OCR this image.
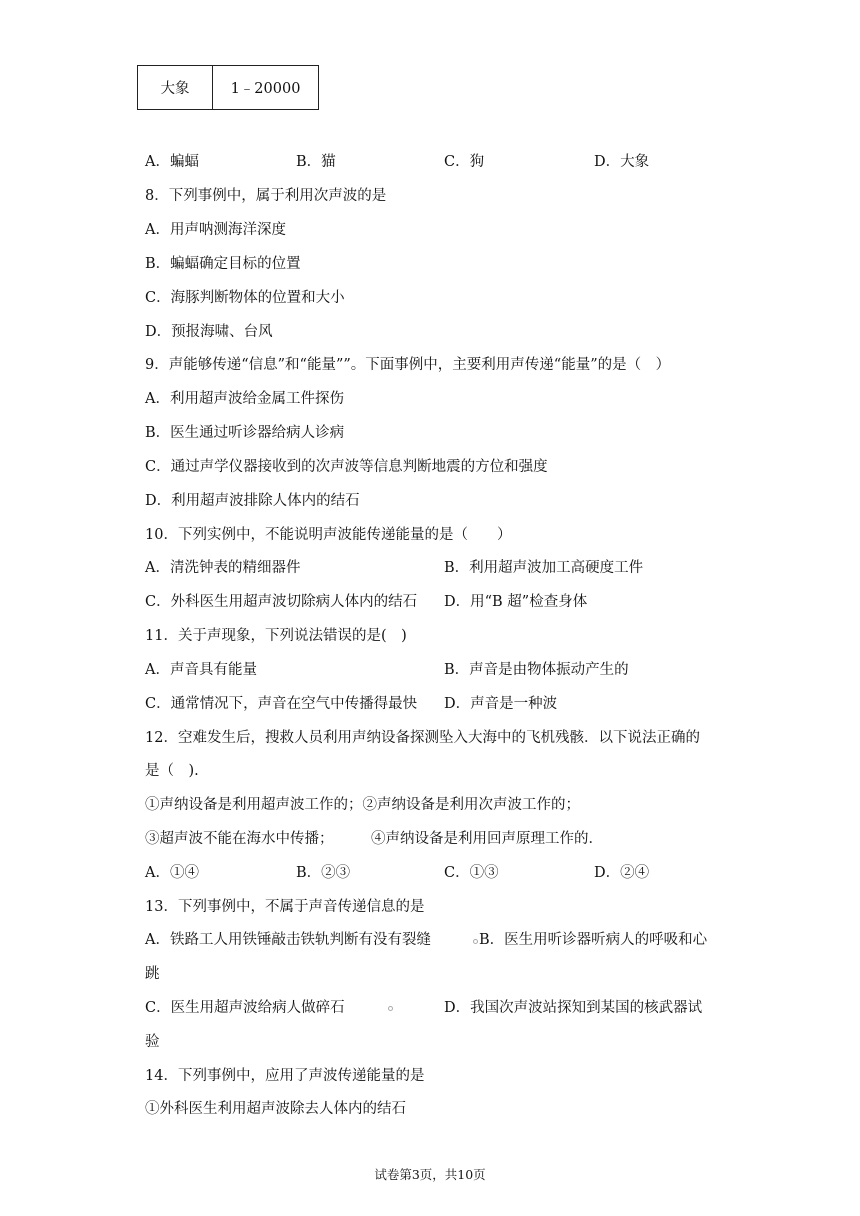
大象	1﹣20000
A．蝙蝠	B．猫	C．狗	D．大象
8．下列事例中，属于利用次声波的是
A．用声呐测海洋深度
B．蝙蝠确定目标的位置
C．海豚判断物体的位置和大小
D．预报海啸、台风
9．声能够传递“信息”和“能量””。下面事例中，主要利用声传递“能量”的是（　）
A．利用超声波给金属工件探伤
B．医生通过听诊器给病人诊病
C．通过声学仪器接收到的次声波等信息判断地震的方位和强度
D．利用超声波排除人体内的结石
10．下列实例中，不能说明声波能传递能量的是（　　）
A．清洗钟表的精细器件	B．利用超声波加工高硬度工件
C．外科医生用超声波切除病人体内的结石 D．用“B 超”检查身体
11．关于声现象，下列说法错误的是(　)
A．声音具有能量	B．声音是由物体振动产生的
C．通常情况下，声音在空气中传播得最快 D．声音是一种波
12．空难发生后，搜救人员利用声纳设备探测坠入大海中的飞机残骸．以下说法正确的
是（　).
①声纳设备是利用超声波工作的；②声纳设备是利用次声波工作的；
③超声波不能在海水中传播；	④声纳设备是利用回声原理工作的．
A．①④	B．②③	C．①③	D．②④
13．下列事例中，不属于声音传递信息的是
A．铁路工人用铁锤敲击铁轨判断有没有裂缝	B．医生用听诊器听病人的呼吸和心
跳
C．医生用超声波给病人做碎石	D．我国次声波站探知到某国的核武器试
验
14．下列事例中，应用了声波传递能量的是
①外科医生利用超声波除去人体内的结石
试卷第3页，共10页
